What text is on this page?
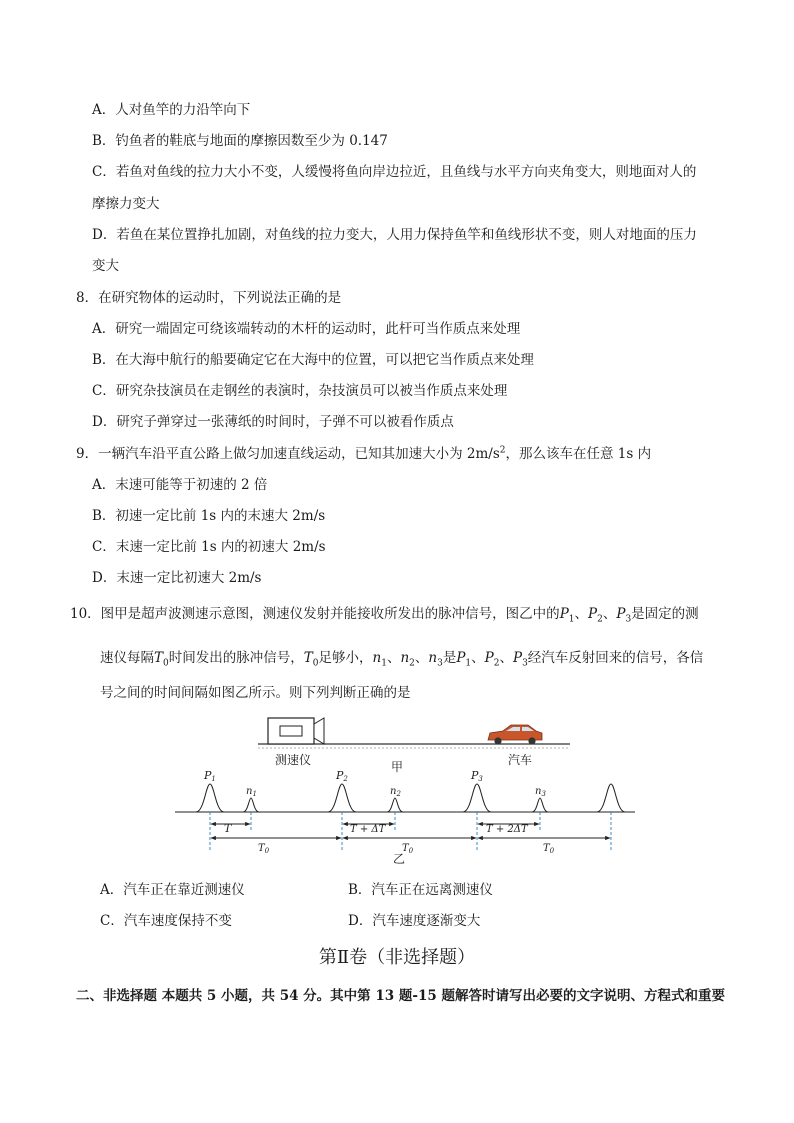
A．人对鱼竿的力沿竿向下
B．钓鱼者的鞋底与地面的摩擦因数至少为 0.147
C．若鱼对鱼线的拉力大小不变，人缓慢将鱼向岸边拉近，且鱼线与水平方向夹角变大，则地面对人的
摩擦力变大
D．若鱼在某位置挣扎加剧，对鱼线的拉力变大，人用力保持鱼竿和鱼线形状不变，则人对地面的压力
变大
8．在研究物体的运动时，下列说法正确的是
A．研究一端固定可绕该端转动的木杆的运动时，此杆可当作质点来处理
B．在大海中航行的船要确定它在大海中的位置，可以把它当作质点来处理
C．研究杂技演员在走钢丝的表演时，杂技演员可以被当作质点来处理
D．研究子弹穿过一张薄纸的时间时，子弹不可以被看作质点
9．一辆汽车沿平直公路上做匀加速直线运动，已知其加速大小为 $2m/s^2$，那么该车在任意 1s 内
A．末速可能等于初速的 2 倍
B．初速一定比前 1s 内的末速大 2m/s
C．末速一定比前 1s 内的初速大 2m/s
D．末速一定比初速大 2m/s
10．图甲是超声波测速示意图，测速仪发射并能接收所发出的脉冲信号，图乙中的$P_1$、$P_2$、$P_3$是固定的测
速仪每隔$T_0$时间发出的脉冲信号，$T_0$足够小，$n_1$、$n_2$、$n_3$是$P_1$、$P_2$、$P_3$经汽车反射回来的信号，各信
号之间的时间间隔如图乙所示。则下列判断正确的是
测速仪	汽车
甲
P1	P2	P3
$n_1$	$n_2$	$n_3$
T	T + ΔT	T + 2ΔT
$T_0$	$T_0$	$T_0$
乙
A．汽车正在靠近测速仪	B．汽车正在远离测速仪
C．汽车速度保持不变	D．汽车速度逐渐变大
第Ⅱ卷（非选择题）
二、非选择题 本题共 5 小题，共 54 分。其中第 13 题-15 题解答时请写出必要的文字说明、方程式和重要
